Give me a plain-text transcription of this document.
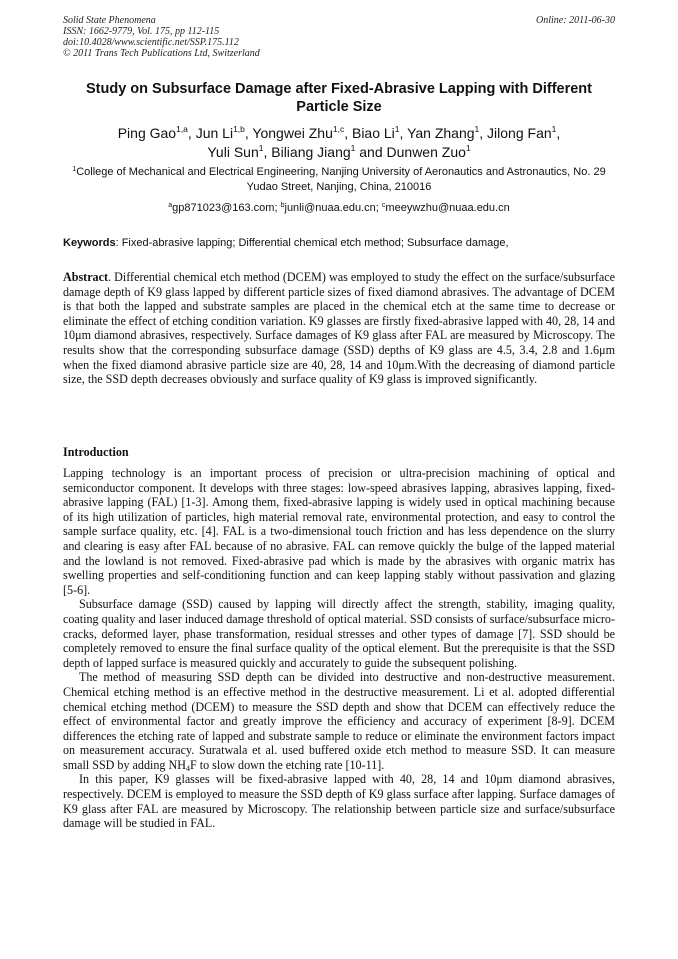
Solid State Phenomena
ISSN: 1662-9779, Vol. 175, pp 112-115
doi:10.4028/www.scientific.net/SSP.175.112
© 2011 Trans Tech Publications Ltd, Switzerland
Online: 2011-06-30
Study on Subsurface Damage after Fixed-Abrasive Lapping with Different Particle Size
Ping Gao$^{1,a}$, Jun Li$^{1,b}$, Yongwei Zhu$^{1,c}$, Biao Li$^1$, Yan Zhang$^1$, Jilong Fan$^1$,
Yuli Sun$^1$, Biliang Jiang$^1$ and Dunwen Zuo$^1$
$^1$College of Mechanical and Electrical Engineering, Nanjing University of Aeronautics and Astronautics, No. 29 Yudao Street, Nanjing, China, 210016
$^a$gp871023@163.com; $^b$junli@nuaa.edu.cn; $^c$meeywzhu@nuaa.edu.cn
Keywords: Fixed-abrasive lapping; Differential chemical etch method; Subsurface damage,
Abstract. Differential chemical etch method (DCEM) was employed to study the effect on the surface/subsurface damage depth of K9 glass lapped by different particle sizes of fixed diamond abrasives. The advantage of DCEM is that both the lapped and substrate samples are placed in the chemical etch at the same time to decrease or eliminate the effect of etching condition variation. K9 glasses are firstly fixed-abrasive lapped with 40, 28, 14 and 10μm diamond abrasives, respectively. Surface damages of K9 glass after FAL are measured by Microscopy. The results show that the corresponding subsurface damage (SSD) depths of K9 glass are 4.5, 3.4, 2.8 and 1.6μm when the fixed diamond abrasive particle size are 40, 28, 14 and 10μm.With the decreasing of diamond particle size, the SSD depth decreases obviously and surface quality of K9 glass is improved significantly.
Introduction

Lapping technology is an important process of precision or ultra-precision machining of optical and semiconductor component. It develops with three stages: low-speed abrasives lapping, abrasives lapping, fixed-abrasive lapping (FAL) [1-3]. Among them, fixed-abrasive lapping is widely used in optical machining because of its high utilization of particles, high material removal rate, environmental protection, and easy to control the sample surface quality, etc. [4]. FAL is a two-dimensional touch friction and has less dependence on the slurry and clearing is easy after FAL because of no abrasive. FAL can remove quickly the bulge of the lapped material and the lowland is not removed. Fixed-abrasive pad which is made by the abrasives with organic matrix has swelling properties and self-conditioning function and can keep lapping stably without passivation and glazing [5-6].

Subsurface damage (SSD) caused by lapping will directly affect the strength, stability, imaging quality, coating quality and laser induced damage threshold of optical material. SSD consists of surface/subsurface micro-cracks, deformed layer, phase transformation, residual stresses and other types of damage [7]. SSD should be completely removed to ensure the final surface quality of the optical element. But the prerequisite is that the SSD depth of lapped surface is measured quickly and accurately to guide the subsequent polishing.

The method of measuring SSD depth can be divided into destructive and non-destructive measurement. Chemical etching method is an effective method in the destructive measurement. Li et al. adopted differential chemical etching method (DCEM) to measure the SSD depth and show that DCEM can effectively reduce the effect of environmental factor and greatly improve the efficiency and accuracy of experiment [8-9]. DCEM differences the etching rate of lapped and substrate sample to reduce or eliminate the environment factors impact on measurement accuracy. Suratwala et al. used buffered oxide etch method to measure SSD. It can measure small SSD by adding $NH_4F$ to slow down the etching rate [10-11].

In this paper, K9 glasses will be fixed-abrasive lapped with 40, 28, 14 and 10μm diamond abrasives, respectively. DCEM is employed to measure the SSD depth of K9 glass surface after lapping. Surface damages of K9 glass after FAL are measured by Microscopy. The relationship between particle size and surface/subsurface damage will be studied in FAL.
